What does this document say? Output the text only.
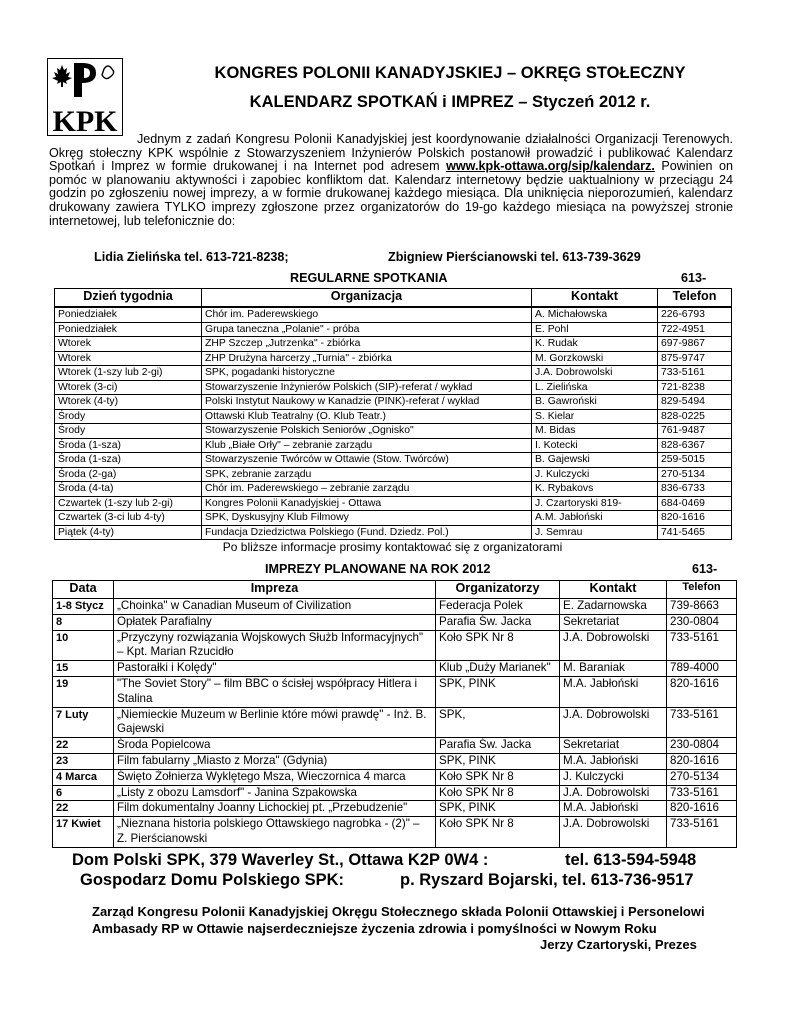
KPK
KONGRES POLONII KANADYJSKIEJ – OKRĘG STOŁECZNY
KALENDARZ SPOTKAŃ i IMPREZ – Styczeń 2012 r.
Jednym z zadań Kongresu Polonii Kanadyjskiej jest koordynowanie działalności Organizacji Terenowych. Okręg stołeczny KPK wspólnie z Stowarzyszeniem Inżynierów Polskich postanowił prowadzić i publikować Kalendarz Spotkań i Imprez w formie drukowanej i na Internet pod adresem www.kpk-ottawa.org/sip/kalendarz. Powinien on pomóc w planowaniu aktywności i zapobiec konfliktom dat. Kalendarz internetowy będzie uaktualniony w przeciągu 24 godzin po zgłoszeniu nowej imprezy, a w formie drukowanej każdego miesiąca. Dla uniknięcia nieporozumień, kalendarz drukowany zawiera TYLKO imprezy zgłoszone przez organizatorów do 19-go każdego miesiąca na powyższej stronie internetowej, lub telefonicznie do:
Lidia Zielińska tel. 613-721-8238;	Zbigniew Pierścianowski tel. 613-739-3629
REGULARNE SPOTKANIA	613-
Dzień tygodnia	Organizacja	Kontakt	Telefon
Poniedziałek	Chór im. Paderewskiego	A. Michałowska	226-6793
Poniedziałek	Grupa taneczna „Polanie" - próba	E. Pohl	722-4951
Wtorek	ZHP Szczep „Jutrzenka" - zbiórka	K. Rudak	697-9867
Wtorek	ZHP Drużyna harcerzy „Turnia" - zbiórka	M. Gorzkowski	875-9747
Wtorek (1-szy lub 2-gi)	SPK, pogadanki historyczne	J.A. Dobrowolski	733-5161
Wtorek (3-ci)	Stowarzyszenie Inżynierów Polskich (SIP)-referat / wykład	L. Zielińska	721-8238
Wtorek (4-ty)	Polski Instytut Naukowy w Kanadzie (PINK)-referat / wykład	B. Gawroński	829-5494
Środy	Ottawski Klub Teatralny (O. Klub Teatr.)	S. Kielar	828-0225
Środy	Stowarzyszenie Polskich Seniorów „Ognisko"	M. Bidas	761-9487
Środa (1-sza)	Klub „Białe Orły" – zebranie zarządu	I. Kotecki	828-6367
Środa (1-sza)	Stowarzyszenie Twórców w Ottawie (Stow. Twórców)	B. Gajewski	259-5015
Środa (2-ga)	SPK, zebranie zarządu	J. Kulczycki	270-5134
Środa (4-ta)	Chór im. Paderewskiego – zebranie zarządu	K. Rybakovs	836-6733
Czwartek (1-szy lub 2-gi)	Kongres Polonii Kanadyjskiej - Ottawa	J. Czartoryski 819-	684-0469
Czwartek (3-ci lub 4-ty)	SPK, Dyskusyjny Klub Filmowy	A.M. Jabłoński	820-1616
Piątek (4-ty)	Fundacja Dziedzictwa Polskiego (Fund. Dziedz. Pol.)	J. Semrau	741-5465
Po bliższe informacje prosimy kontaktować się z organizatorami
IMPREZY PLANOWANE NA ROK 2012	613-
Data	Impreza	Organizatorzy	Kontakt	Telefon
1-8 Stycz	„Choinka" w Canadian Museum of Civilization	Federacja Polek	E. Zadarnowska	739-8663
8	Opłatek Parafialny	Parafia Św. Jacka	Sekretariat	230-0804
10	„Przyczyny rozwiązania Wojskowych Służb Informacyjnych" – Kpt. Marian Rzucidło	Koło SPK Nr 8	J.A. Dobrowolski	733-5161
15	Pastorałki i Kolędy"	Klub „Duży Marianek"	M. Baraniak	789-4000
19	"The Soviet Story" – film BBC o ścisłej współpracy Hitlera i Stalina	SPK, PINK	M.A. Jabłoński	820-1616
7 Luty	„Niemieckie Muzeum w Berlinie które mówi prawdę" - Inż. B. Gajewski	SPK,	J.A. Dobrowolski	733-5161
22	Środa Popielcowa	Parafia Św. Jacka	Sekretariat	230-0804
23	Film fabularny „Miasto z Morza" (Gdynia)	SPK, PINK	M.A. Jabłoński	820-1616
4 Marca	Święto Żołnierza Wyklętego Msza, Wieczornica 4 marca	Koło SPK Nr 8	J. Kulczycki	270-5134
6	„Listy z obozu Lamsdorf" - Janina Szpakowska	Koło SPK Nr 8	J.A. Dobrowolski	733-5161
22	Film dokumentalny Joanny Lichockiej pt. „Przebudzenie"	SPK, PINK	M.A. Jabłoński	820-1616
17 Kwiet	„Nieznana historia polskiego Ottawskiego nagrobka - (2)" – Z. Pierścianowski	Koło SPK Nr 8	J.A. Dobrowolski	733-5161
Dom Polski SPK, 379 Waverley St., Ottawa K2P 0W4 :	tel. 613-594-5948
Gospodarz Domu Polskiego SPK:	p. Ryszard Bojarski, tel. 613-736-9517
Zarząd Kongresu Polonii Kanadyjskiej Okręgu Stołecznego składa Polonii Ottawskiej i Personelowi Ambasady RP w Ottawie najserdeczniejsze życzenia zdrowia i pomyślności w Nowym Roku
Jerzy Czartoryski, Prezes
